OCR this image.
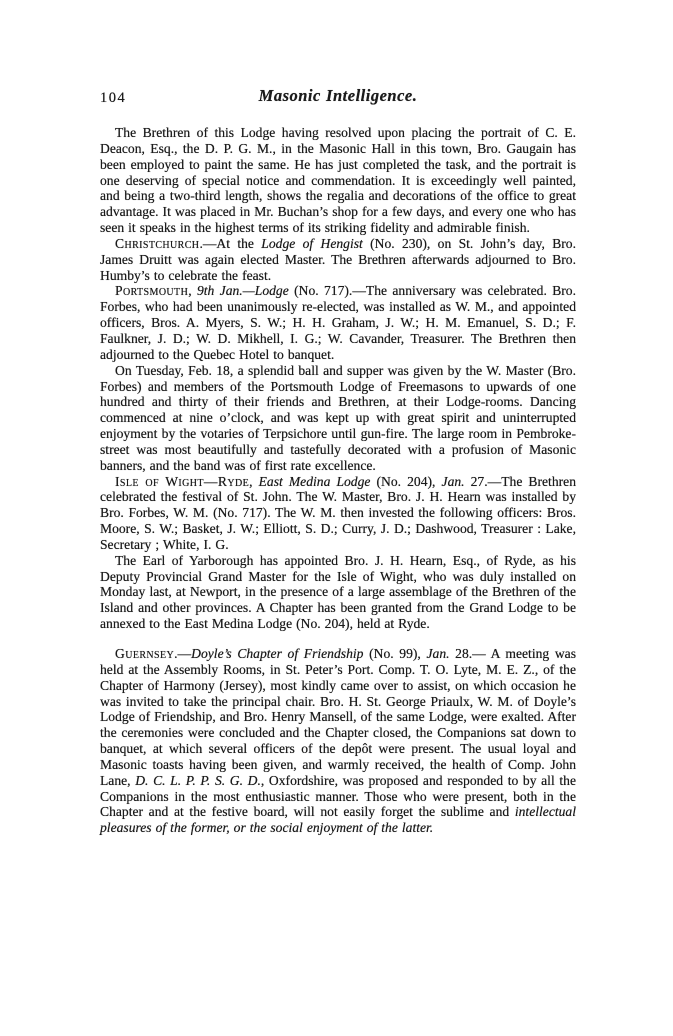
104	Masonic Intelligence.

The Brethren of this Lodge having resolved upon placing the portrait of C. E. Deacon, Esq., the D. P. G. M., in the Masonic Hall in this town, Bro. Gaugain has been employed to paint the same. He has just completed the task, and the portrait is one deserving of special notice and commendation. It is exceedingly well painted, and being a two-third length, shows the regalia and decorations of the office to great advantage. It was placed in Mr. Buchan’s shop for a few days, and every one who has seen it speaks in the highest terms of its striking fidelity and admirable finish.

Christchurch.—At the Lodge of Hengist (No. 230), on St. John’s day, Bro. James Druitt was again elected Master. The Brethren afterwards adjourned to Bro. Humby’s to celebrate the feast.

Portsmouth, 9th Jan.—Lodge (No. 717).—The anniversary was celebrated. Bro. Forbes, who had been unanimously re-elected, was installed as W. M., and appointed officers, Bros. A. Myers, S. W.; H. H. Graham, J. W.; H. M. Emanuel, S. D.; F. Faulkner, J. D.; W. D. Mikhell, I. G.; W. Cavander, Treasurer. The Brethren then adjourned to the Quebec Hotel to banquet.

On Tuesday, Feb. 18, a splendid ball and supper was given by the W. Master (Bro. Forbes) and members of the Portsmouth Lodge of Freemasons to upwards of one hundred and thirty of their friends and Brethren, at their Lodge-rooms. Dancing commenced at nine o’clock, and was kept up with great spirit and uninterrupted enjoyment by the votaries of Terpsichore until gun-fire. The large room in Pembroke-street was most beautifully and tastefully decorated with a profusion of Masonic banners, and the band was of first rate excellence.

Isle of Wight—Ryde, East Medina Lodge (No. 204), Jan. 27.—The Brethren celebrated the festival of St. John. The W. Master, Bro. J. H. Hearn was installed by Bro. Forbes, W. M. (No. 717). The W. M. then invested the following officers: Bros. Moore, S. W.; Basket, J. W.; Elliott, S. D.; Curry, J. D.; Dashwood, Treasurer : Lake, Secretary ; White, I. G.

The Earl of Yarborough has appointed Bro. J. H. Hearn, Esq., of Ryde, as his Deputy Provincial Grand Master for the Isle of Wight, who was duly installed on Monday last, at Newport, in the presence of a large assemblage of the Brethren of the Island and other provinces. A Chapter has been granted from the Grand Lodge to be annexed to the East Medina Lodge (No. 204), held at Ryde.

Guernsey.—Doyle’s Chapter of Friendship (No. 99), Jan. 28.— A meeting was held at the Assembly Rooms, in St. Peter’s Port. Comp. T. O. Lyte, M. E. Z., of the Chapter of Harmony (Jersey), most kindly came over to assist, on which occasion he was invited to take the principal chair. Bro. H. St. George Priaulx, W. M. of Doyle’s Lodge of Friendship, and Bro. Henry Mansell, of the same Lodge, were exalted. After the ceremonies were concluded and the Chapter closed, the Companions sat down to banquet, at which several officers of the depôt were present. The usual loyal and Masonic toasts having been given, and warmly received, the health of Comp. John Lane, D. C. L. P. P. S. G. D., Oxfordshire, was proposed and responded to by all the Companions in the most enthusiastic manner. Those who were present, both in the Chapter and at the festive board, will not easily forget the sublime and intellectual pleasures of the former, or the social enjoyment of the latter.
